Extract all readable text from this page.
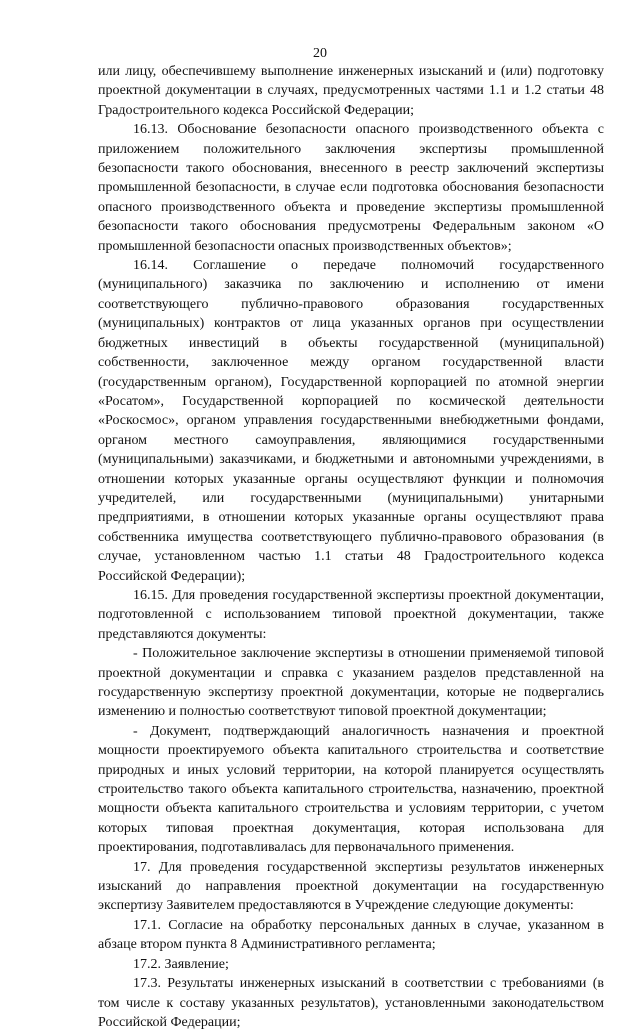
20

или лицу, обеспечившему выполнение инженерных изысканий и (или) подготовку проектной документации в случаях, предусмотренных частями 1.1 и 1.2 статьи 48 Градостроительного кодекса Российской Федерации;

16.13. Обоснование безопасности опасного производственного объекта с приложением положительного заключения экспертизы промышленной безопасности такого обоснования, внесенного в реестр заключений экспертизы промышленной безопасности, в случае если подготовка обоснования безопасности опасного производственного объекта и проведение экспертизы промышленной безопасности такого обоснования предусмотрены Федеральным законом «О промышленной безопасности опасных производственных объектов»;

16.14. Соглашение о передаче полномочий государственного (муниципального) заказчика по заключению и исполнению от имени соответствующего публично-правового образования государственных (муниципальных) контрактов от лица указанных органов при осуществлении бюджетных инвестиций в объекты государственной (муниципальной) собственности, заключенное между органом государственной власти (государственным органом), Государственной корпорацией по атомной энергии «Росатом», Государственной корпорацией по космической деятельности «Роскосмос», органом управления государственными внебюджетными фондами, органом местного самоуправления, являющимися государственными (муниципальными) заказчиками, и бюджетными и автономными учреждениями, в отношении которых указанные органы осуществляют функции и полномочия учредителей, или государственными (муниципальными) унитарными предприятиями, в отношении которых указанные органы осуществляют права собственника имущества соответствующего публично-правового образования (в случае, установленном частью 1.1 статьи 48 Градостроительного кодекса Российской Федерации);

16.15. Для проведения государственной экспертизы проектной документации, подготовленной с использованием типовой проектной документации, также представляются документы:

- Положительное заключение экспертизы в отношении применяемой типовой проектной документации и справка с указанием разделов представленной на государственную экспертизу проектной документации, которые не подвергались изменению и полностью соответствуют типовой проектной документации;

- Документ, подтверждающий аналогичность назначения и проектной мощности проектируемого объекта капитального строительства и соответствие природных и иных условий территории, на которой планируется осуществлять строительство такого объекта капитального строительства, назначению, проектной мощности объекта капитального строительства и условиям территории, с учетом которых типовая проектная документация, которая использована для проектирования, подготавливалась для первоначального применения.

17. Для проведения государственной экспертизы результатов инженерных изысканий до направления проектной документации на государственную экспертизу Заявителем предоставляются в Учреждение следующие документы:

17.1. Согласие на обработку персональных данных в случае, указанном в абзаце втором пункта 8 Административного регламента;

17.2. Заявление;

17.3. Результаты инженерных изысканий в соответствии с требованиями (в том числе к составу указанных результатов), установленными законодательством Российской Федерации;
